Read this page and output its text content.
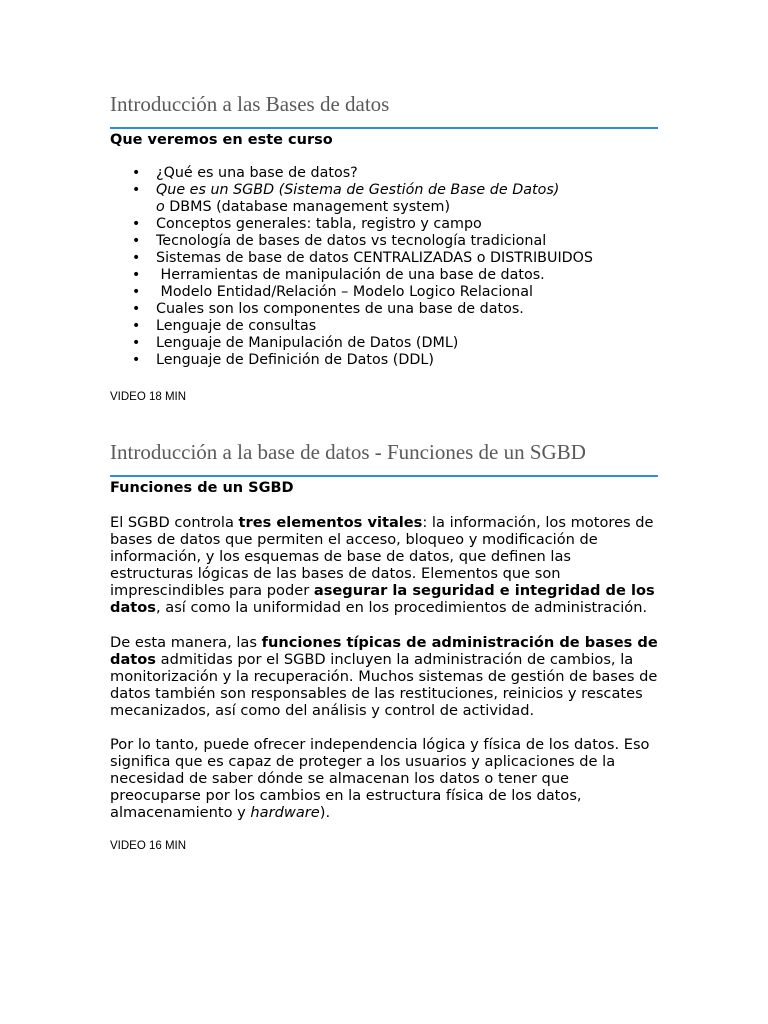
Introducción a las Bases de datos
Que veremos en este curso
• ¿Qué es una base de datos?
• Que es un SGBD (Sistema de Gestión de Base de Datos)
o DBMS (database management system)
• Conceptos generales: tabla, registro y campo
• Tecnología de bases de datos vs tecnología tradicional
• Sistemas de base de datos CENTRALIZADAS o DISTRIBUIDOS
• Herramientas de manipulación de una base de datos.
• Modelo Entidad/Relación – Modelo Logico Relacional
• Cuales son los componentes de una base de datos.
• Lenguaje de consultas
• Lenguaje de Manipulación de Datos (DML)
• Lenguaje de Definición de Datos (DDL)
VIDEO 18 MIN
Introducción a la base de datos - Funciones de un SGBD
Funciones de un SGBD

El SGBD controla tres elementos vitales: la información, los motores de bases de datos que permiten el acceso, bloqueo y modificación de información, y los esquemas de base de datos, que definen las estructuras lógicas de las bases de datos. Elementos que son imprescindibles para poder asegurar la seguridad e integridad de los datos, así como la uniformidad en los procedimientos de administración.

De esta manera, las funciones típicas de administración de bases de datos admitidas por el SGBD incluyen la administración de cambios, la monitorización y la recuperación. Muchos sistemas de gestión de bases de datos también son responsables de las restituciones, reinicios y rescates mecanizados, así como del análisis y control de actividad.

Por lo tanto, puede ofrecer independencia lógica y física de los datos. Eso significa que es capaz de proteger a los usuarios y aplicaciones de la necesidad de saber dónde se almacenan los datos o tener que preocuparse por los cambios en la estructura física de los datos, almacenamiento y hardware).

VIDEO 16 MIN
